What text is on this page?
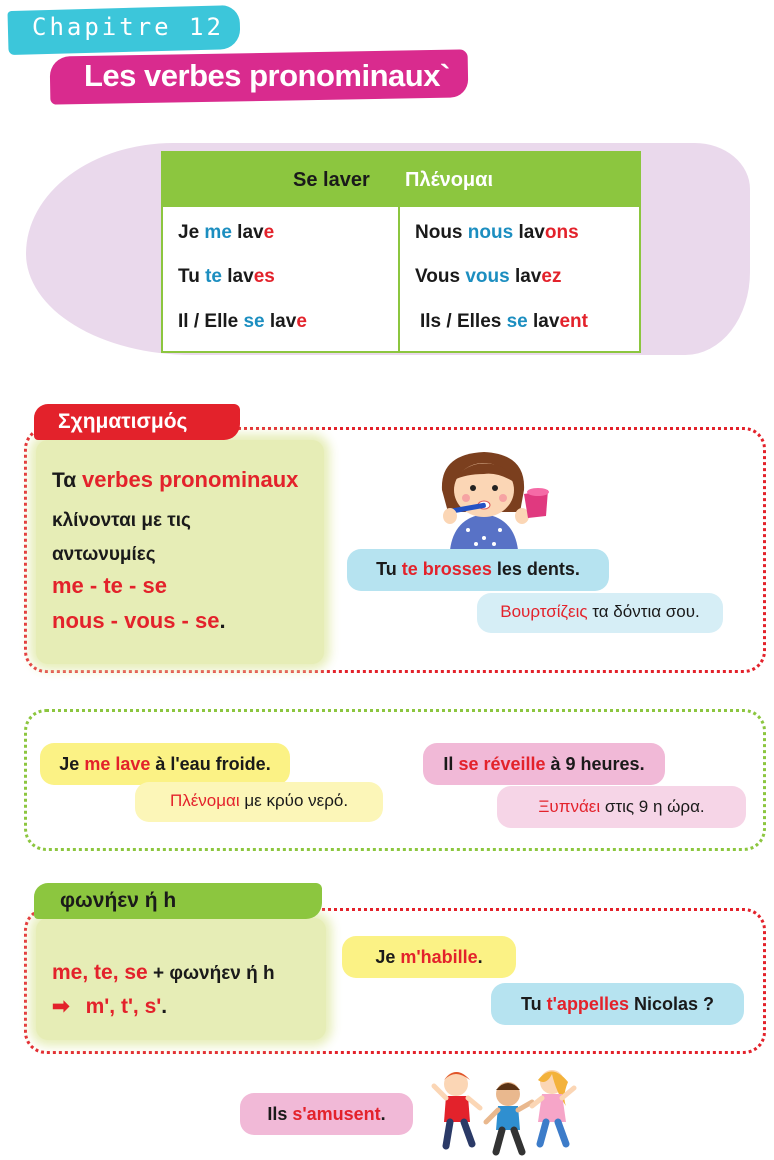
Chapitre 12
Les verbes pronominaux`
Se laver Πλένομαι
Je me lave
Tu te laves
Il / Elle se lave
Nous nous lavons
Vous vous lavez
Ils / Elles se lavent
Σχηματισμός
Τα verbes pronominaux
κλίνονται με τις
αντωνυμίες
me - te - se
nous - vous - se.
Tu te brosses les dents.
Βουρτσίζεις τα δόντια σου.
Je me lave à l'eau froide.
Πλένομαι με κρύο νερό.
Il se réveille à 9 heures.
Ξυπνάει στις 9 η ώρα.
φωνήεν ή h
me, te, se + φωνήεν ή h
➡ m', t', s'.
Je m'habille.
Tu t'appelles Nicolas ?
Ils s'amusent.
